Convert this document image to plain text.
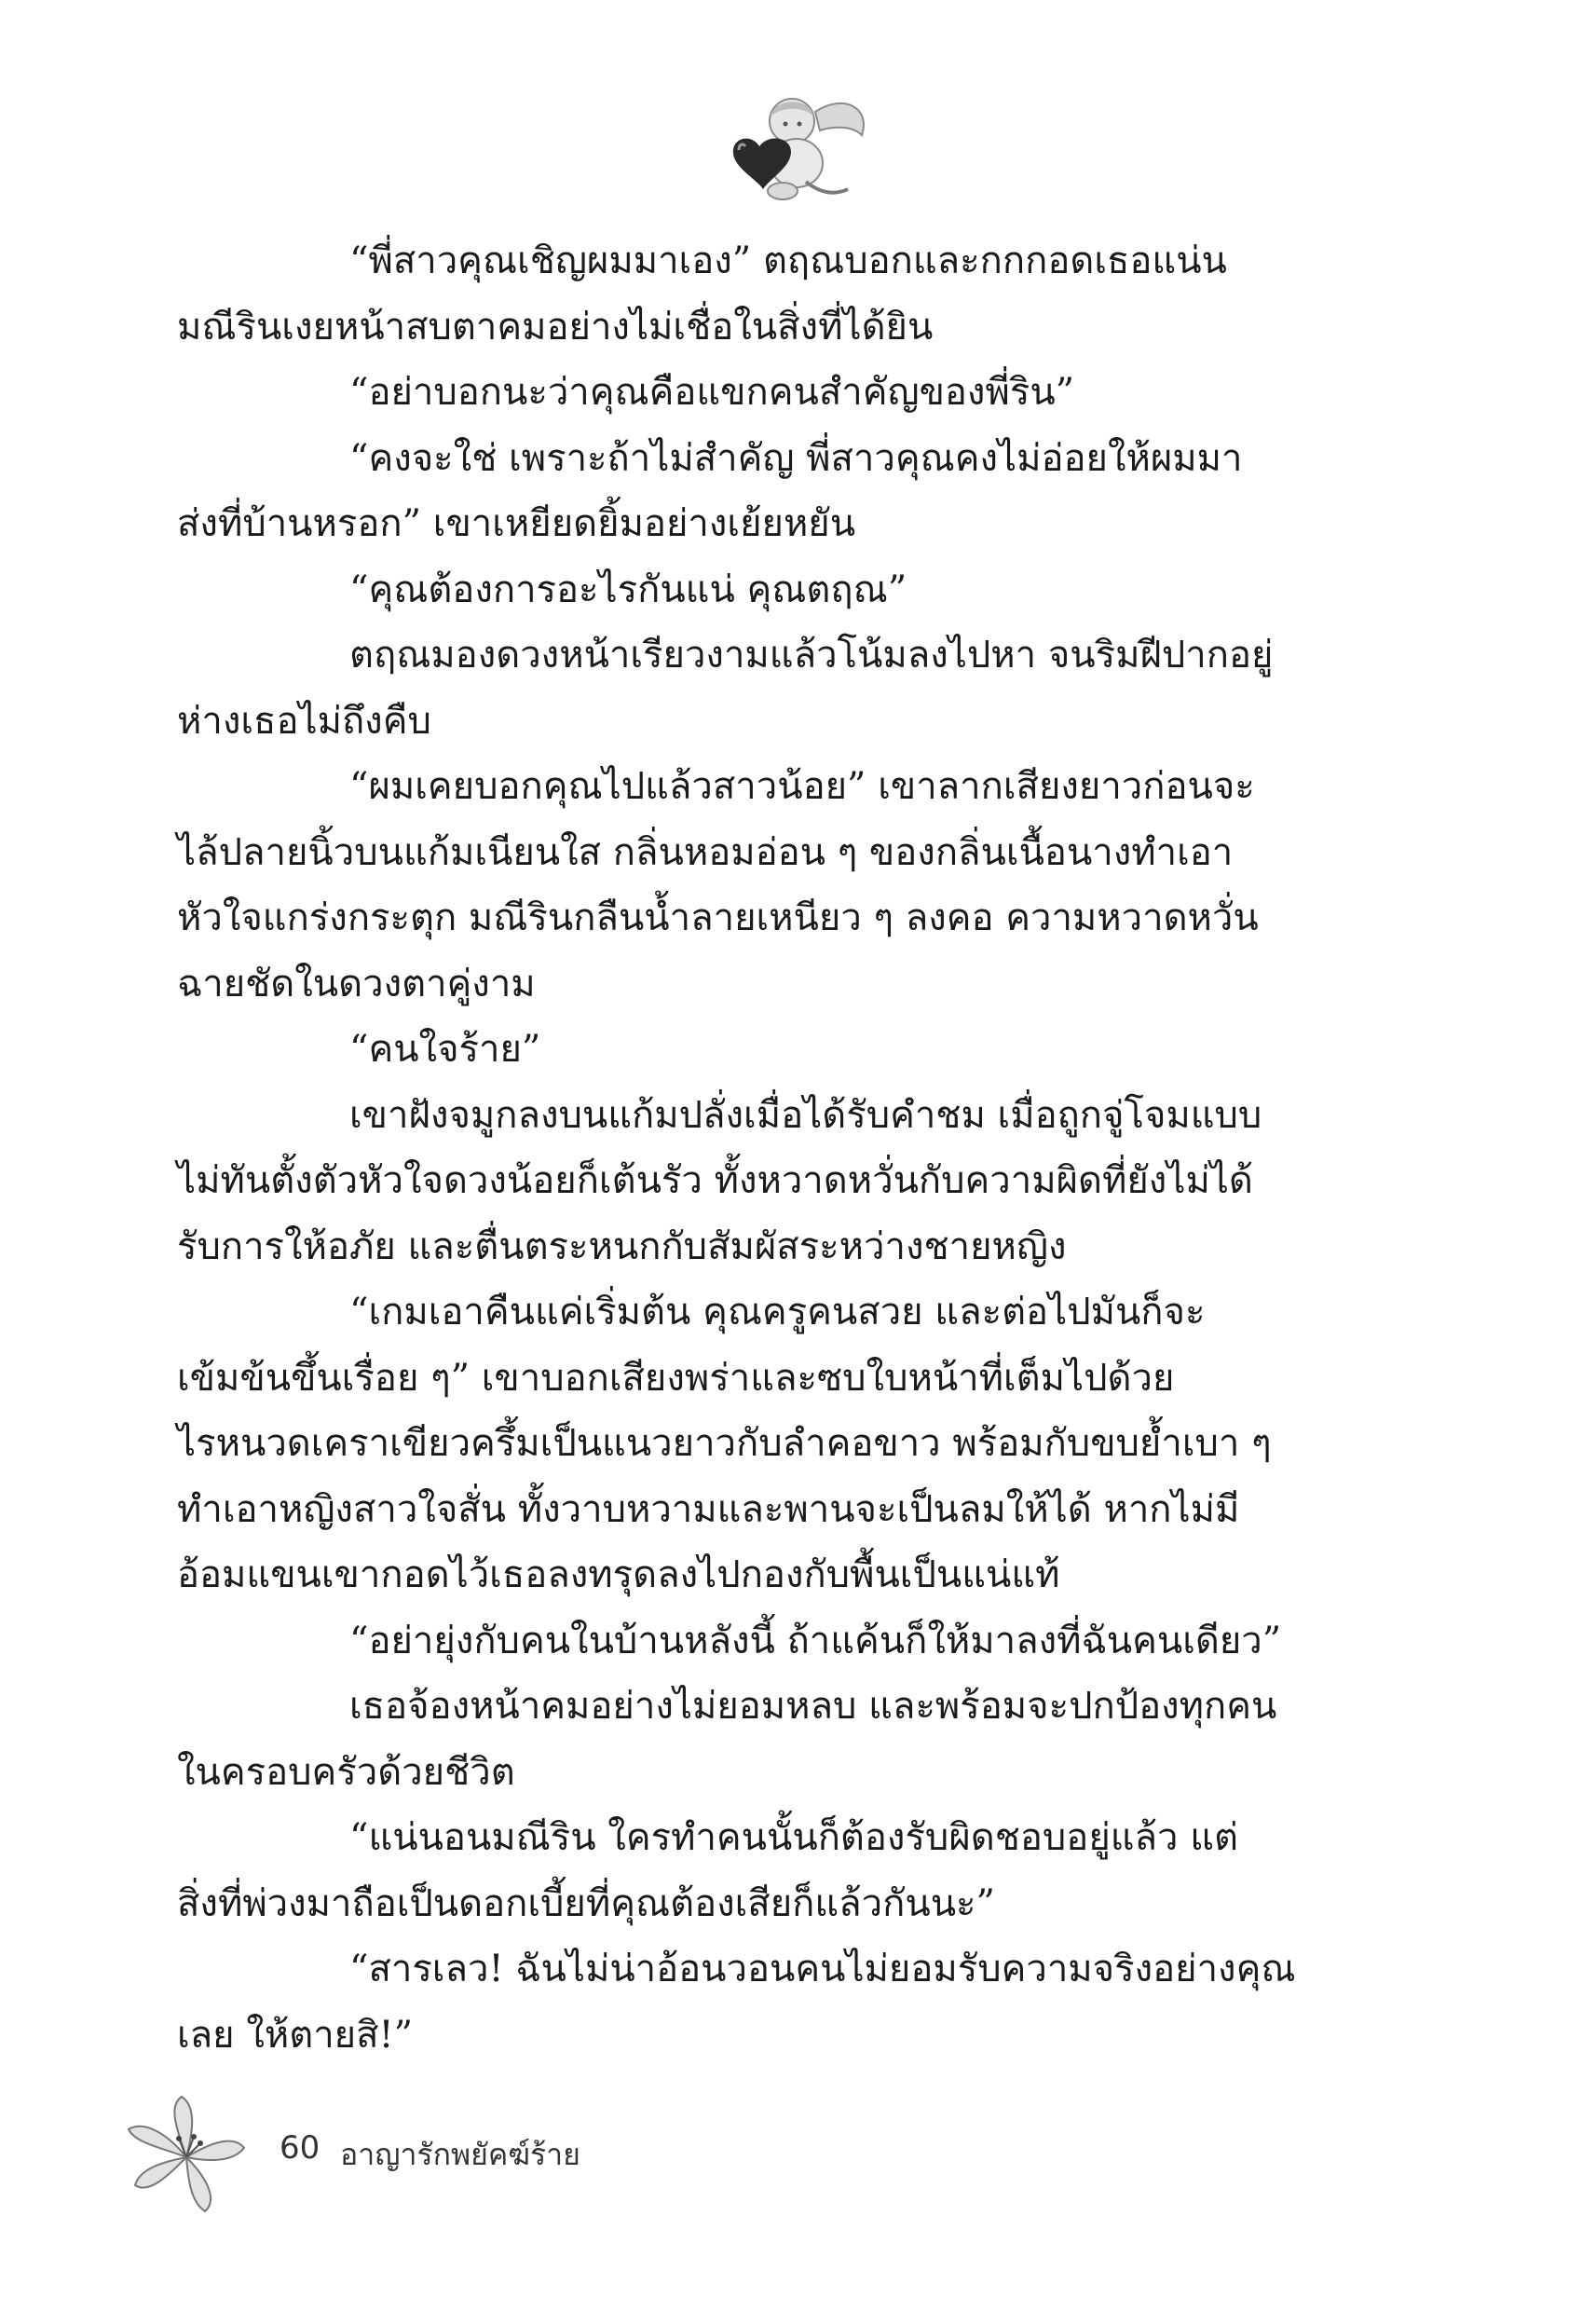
“พี่สาวคุณเชิญผมมาเอง” ตฤณบอกและกกกอดเธอแน่น
มณีรินเงยหน้าสบตาคมอย่างไม่เชื่อในสิ่งที่ได้ยิน

“อย่าบอกนะว่าคุณคือแขกคนสำคัญของพี่ริน”

“คงจะใช่ เพราะถ้าไม่สำคัญ พี่สาวคุณคงไม่อ่อยให้ผมมา
ส่งที่บ้านหรอก” เขาเหยียดยิ้มอย่างเย้ยหยัน

“คุณต้องการอะไรกันแน่ คุณตฤณ”

ตฤณมองดวงหน้าเรียวงามแล้วโน้มลงไปหา จนริมฝีปากอยู่
ห่างเธอไม่ถึงคืบ

“ผมเคยบอกคุณไปแล้วสาวน้อย” เขาลากเสียงยาวก่อนจะ
ไล้ปลายนิ้วบนแก้มเนียนใส กลิ่นหอมอ่อน ๆ ของกลิ่นเนื้อนางทำเอา
หัวใจแกร่งกระตุก มณีรินกลืนน้ำลายเหนียว ๆ ลงคอ ความหวาดหวั่น
ฉายชัดในดวงตาคู่งาม

“คนใจร้าย”

เขาฝังจมูกลงบนแก้มปลั่งเมื่อได้รับคำชม เมื่อถูกจู่โจมแบบ
ไม่ทันตั้งตัวหัวใจดวงน้อยก็เต้นรัว ทั้งหวาดหวั่นกับความผิดที่ยังไม่ได้
รับการให้อภัย และตื่นตระหนกกับสัมผัสระหว่างชายหญิง

“เกมเอาคืนแค่เริ่มต้น คุณครูคนสวย และต่อไปมันก็จะ
เข้มข้นขึ้นเรื่อย ๆ” เขาบอกเสียงพร่าและซบใบหน้าที่เต็มไปด้วย
ไรหนวดเคราเขียวครึ้มเป็นแนวยาวกับลำคอขาว พร้อมกับขบย้ำเบา ๆ
ทำเอาหญิงสาวใจสั่น ทั้งวาบหวามและพานจะเป็นลมให้ได้ หากไม่มี
อ้อมแขนเขากอดไว้เธอลงทรุดลงไปกองกับพื้นเป็นแน่แท้

“อย่ายุ่งกับคนในบ้านหลังนี้ ถ้าแค้นก็ให้มาลงที่ฉันคนเดียว”

เธอจ้องหน้าคมอย่างไม่ยอมหลบ และพร้อมจะปกป้องทุกคน
ในครอบครัวด้วยชีวิต

“แน่นอนมณีริน ใครทำคนนั้นก็ต้องรับผิดชอบอยู่แล้ว แต่
สิ่งที่พ่วงมาถือเป็นดอกเบี้ยที่คุณต้องเสียก็แล้วกันนะ”

“สารเลว! ฉันไม่น่าอ้อนวอนคนไม่ยอมรับความจริงอย่างคุณ
เลย ให้ตายสิ!”

60 อาญารักพยัคฆ์ร้าย
